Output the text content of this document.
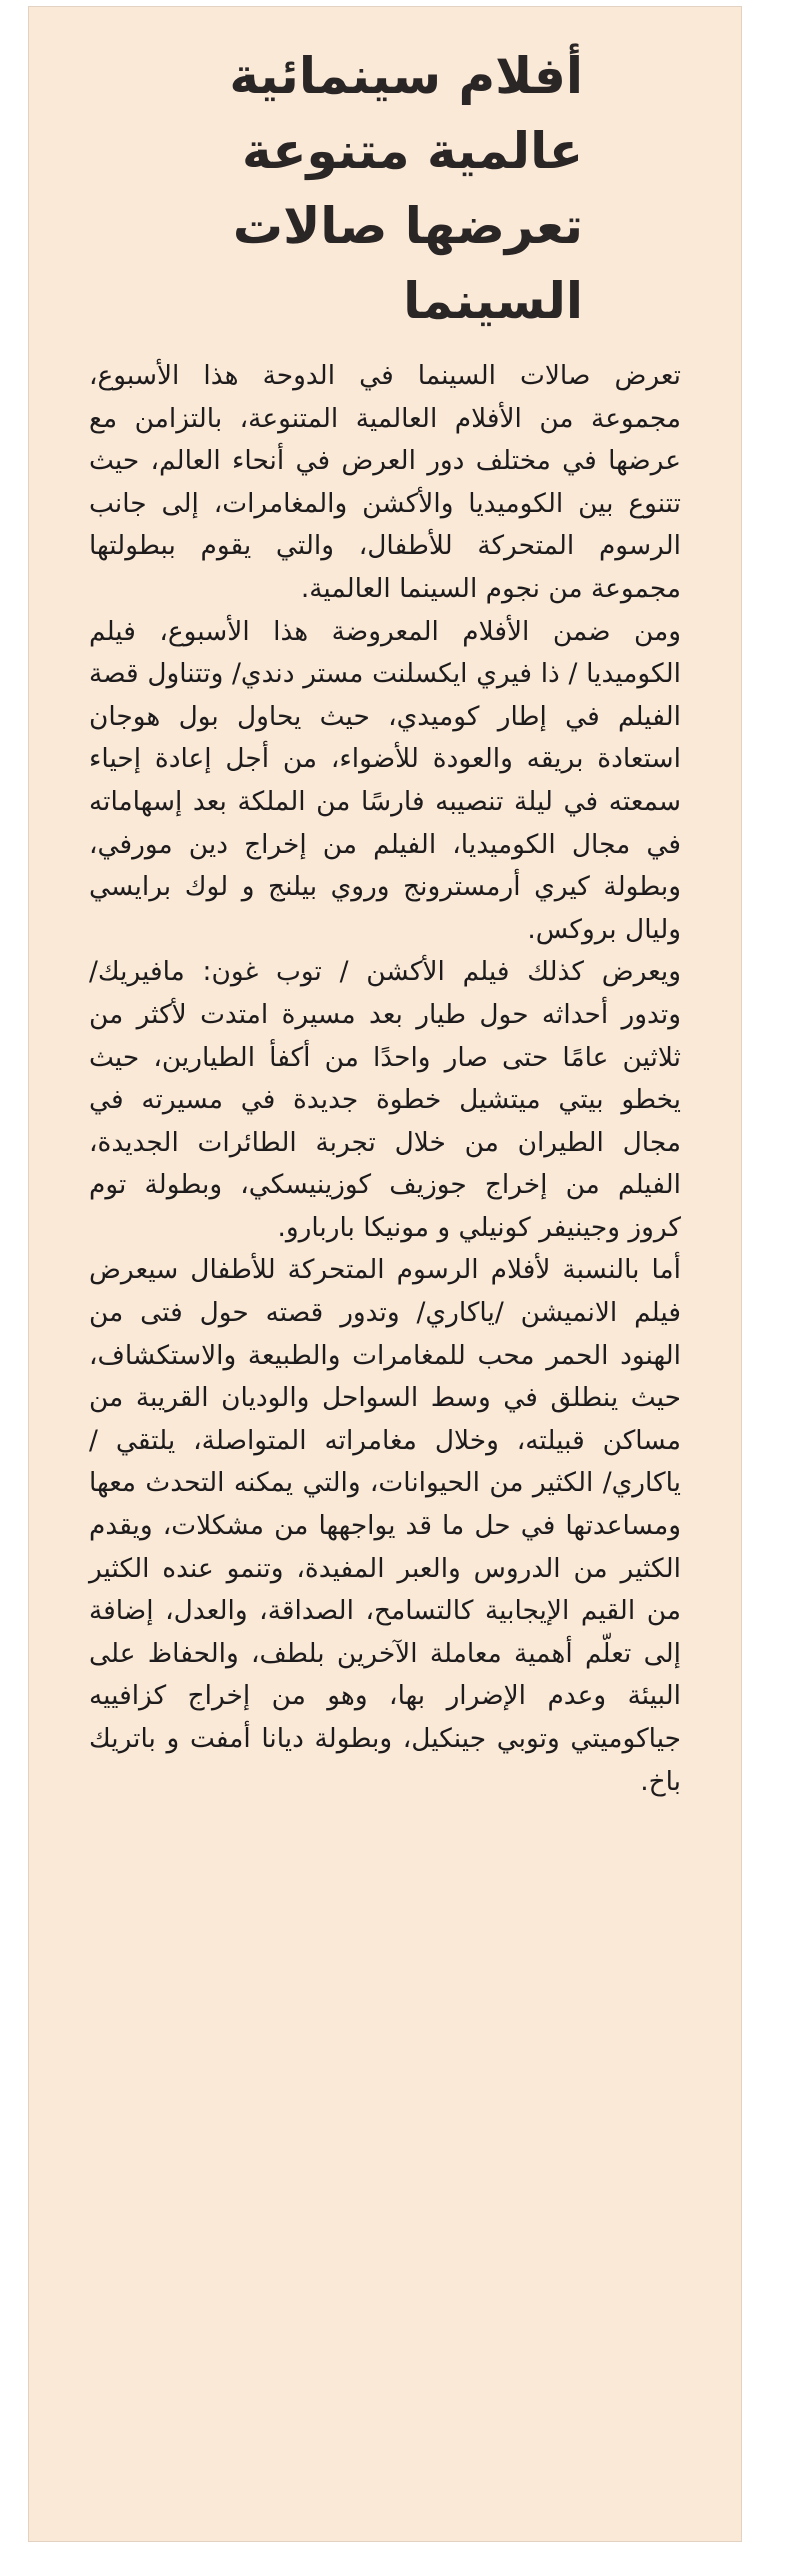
أفلام سينمائية عالمية متنوعة تعرضها صالات السينما

تعرض صالات السينما في الدوحة هذا الأسبوع، مجموعة من الأفلام العالمية المتنوعة، بالتزامن مع عرضها في مختلف دور العرض في أنحاء العالم، حيث تتنوع بين الكوميديا والأكشن والمغامرات، إلى جانب الرسوم المتحركة للأطفال، والتي يقوم ببطولتها مجموعة من نجوم السينما العالمية.

ومن ضمن الأفلام المعروضة هذا الأسبوع، فيلم الكوميديا / ذا فيري ايكسلنت مستر دندي/ وتتناول قصة الفيلم في إطار كوميدي، حيث يحاول بول هوجان استعادة بريقه والعودة للأضواء، من أجل إعادة إحياء سمعته في ليلة تنصيبه فارسًا من الملكة بعد إسهاماته في مجال الكوميديا، الفيلم من إخراج دين مورفي، وبطولة كيري أرمسترونج وروي بيلنج و لوك برايسي وليال بروكس.

ويعرض كذلك فيلم الأكشن / توب غون: مافيريك/ وتدور أحداثه حول طيار بعد مسيرة امتدت لأكثر من ثلاثين عامًا حتى صار واحدًا من أكفأ الطيارين، حيث يخطو بيتي ميتشيل خطوة جديدة في مسيرته في مجال الطيران من خلال تجربة الطائرات الجديدة، الفيلم من إخراج جوزيف كوزينيسكي، وبطولة توم كروز وجينيفر كونيلي و مونيكا باربارو.

أما بالنسبة لأفلام الرسوم المتحركة للأطفال سيعرض فيلم الانميشن /ياكاري/ وتدور قصته حول فتى من الهنود الحمر محب للمغامرات والطبيعة والاستكشاف، حيث ينطلق في وسط السواحل والوديان القريبة من مساكن قبيلته، وخلال مغامراته المتواصلة، يلتقي /ياكاري/ الكثير من الحيوانات، والتي يمكنه التحدث معها ومساعدتها في حل ما قد يواجهها من مشكلات، ويقدم الكثير من الدروس والعبر المفيدة، وتنمو عنده الكثير من القيم الإيجابية كالتسامح، الصداقة، والعدل، إضافة إلى تعلّم أهمية معاملة الآخرين بلطف، والحفاظ على البيئة وعدم الإضرار بها، وهو من إخراج كزافييه جياكوميتي وتوبي جينكيل، وبطولة ديانا أمفت و باتريك باخ.
